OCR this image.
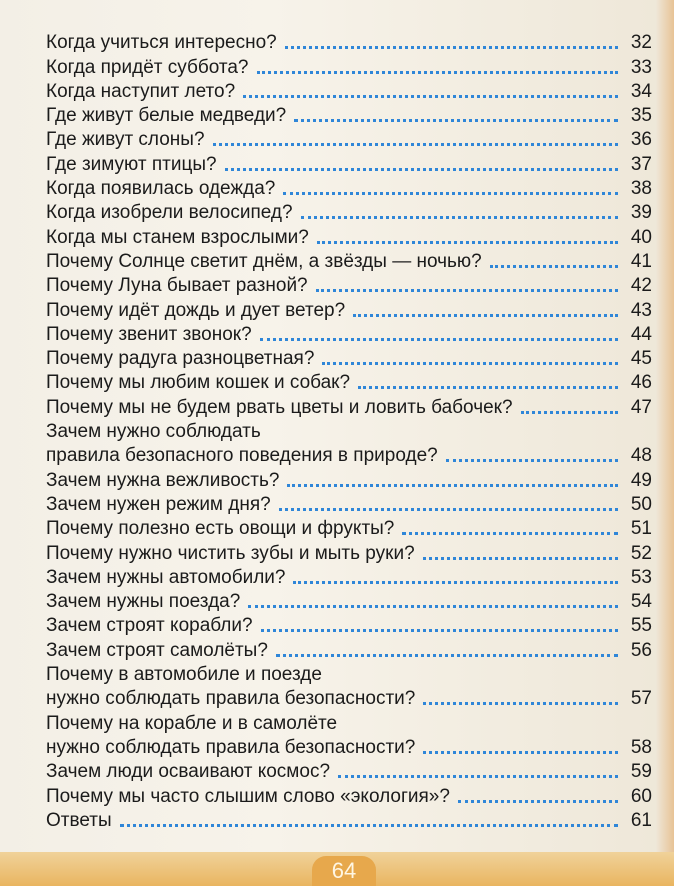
Когда учиться интересно?	32
Когда придёт суббота?	33
Когда наступит лето?	34
Где живут белые медведи?	35
Где живут слоны?	36
Где зимуют птицы?	37
Когда появилась одежда?	38
Когда изобрели велосипед?	39
Когда мы станем взрослыми?	40
Почему Солнце светит днём, а звёзды — ночью?	41
Почему Луна бывает разной?	42
Почему идёт дождь и дует ветер?	43
Почему звенит звонок?	44
Почему радуга разноцветная?	45
Почему мы любим кошек и собак?	46
Почему мы не будем рвать цветы и ловить бабочек?	47
Зачем нужно соблюдать
правила безопасного поведения в природе?	48
Зачем нужна вежливость?	49
Зачем нужен режим дня?	50
Почему полезно есть овощи и фрукты?	51
Почему нужно чистить зубы и мыть руки?	52
Зачем нужны автомобили?	53
Зачем нужны поезда?	54
Зачем строят корабли?	55
Зачем строят самолёты?	56
Почему в автомобиле и поезде
нужно соблюдать правила безопасности?	57
Почему на корабле и в самолёте
нужно соблюдать правила безопасности?	58
Зачем люди осваивают космос?	59
Почему мы часто слышим слово «экология»?	60
Ответы	61
64
